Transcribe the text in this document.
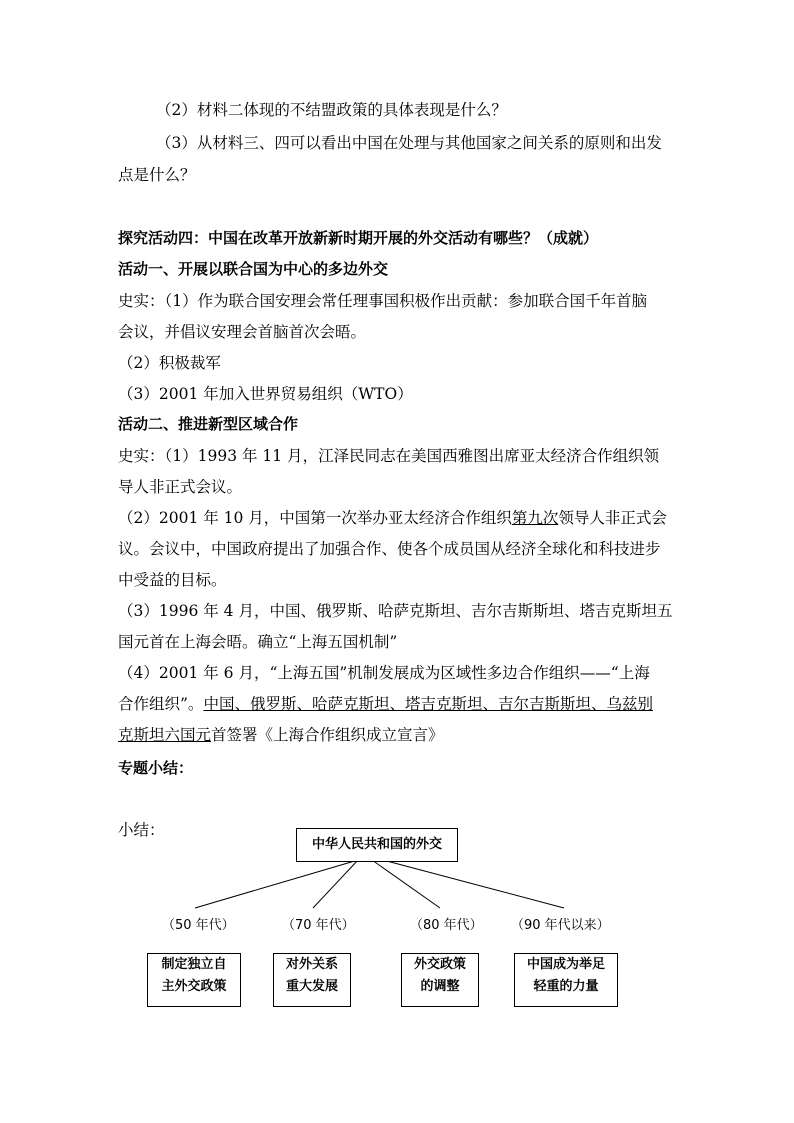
（2）材料二体现的不结盟政策的具体表现是什么？
（3）从材料三、四可以看出中国在处理与其他国家之间关系的原则和出发
点是什么？
探究活动四：中国在改革开放新新时期开展的外交活动有哪些？（成就）
活动一、开展以联合国为中心的多边外交
史实：（1）作为联合国安理会常任理事国积极作出贡献：参加联合国千年首脑
会议，并倡议安理会首脑首次会晤。
（2）积极裁军
（3）2001 年加入世界贸易组织（WTO）
活动二、推进新型区域合作
史实：（1）1993 年 11 月，江泽民同志在美国西雅图出席亚太经济合作组织领
导人非正式会议。
（2）2001 年 10 月，中国第一次举办亚太经济合作组织第九次领导人非正式会
议。会议中，中国政府提出了加强合作、使各个成员国从经济全球化和科技进步
中受益的目标。
（3）1996 年 4 月，中国、俄罗斯、哈萨克斯坦、吉尔吉斯斯坦、塔吉克斯坦五
国元首在上海会晤。确立“上海五国机制”
（4）2001 年 6 月，“上海五国”机制发展成为区域性多边合作组织——“上海
合作组织”。中国、俄罗斯、哈萨克斯坦、塔吉克斯坦、吉尔吉斯斯坦、乌兹别
克斯坦六国元首签署《上海合作组织成立宣言》
专题小结：
小结：
中华人民共和国的外交
（50 年代）	（70 年代）	（80 年代） （90 年代以来）
制定独立自
主外交政策
对外关系
重大发展
外交政策
的调整
中国成为举足
轻重的力量
